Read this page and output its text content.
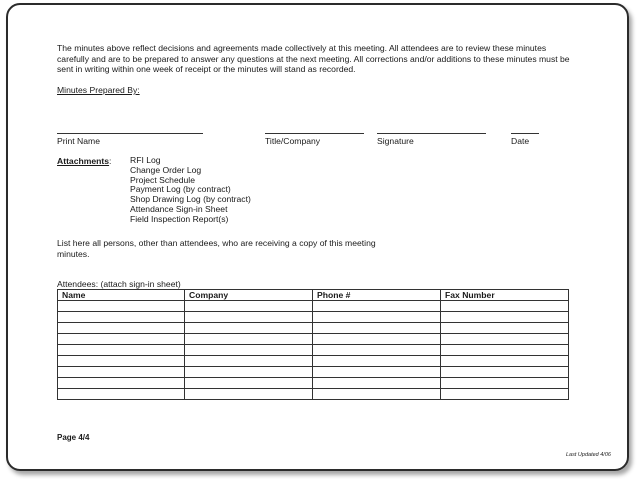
The minutes above reflect decisions and agreements made collectively at this meeting. All attendees are to review these minutes carefully and are to be prepared to answer any questions at the next meeting. All corrections and/or additions to these minutes must be sent in writing within one week of receipt or the minutes will stand as recorded.
Minutes Prepared By:
Print Name	Title/Company	Signature	Date
Attachments : RFI Log
Change Order Log
Project Schedule
Payment Log (by contract)
Shop Drawing Log (by contract)
Attendance Sign-in Sheet
Field Inspection Report(s)
List here all persons, other than attendees, who are receiving a copy of this meeting minutes.
Attendees: (attach sign-in sheet)
Name	Company	Phone #	Fax Number

Page 4/4
Last Updated 4/06
